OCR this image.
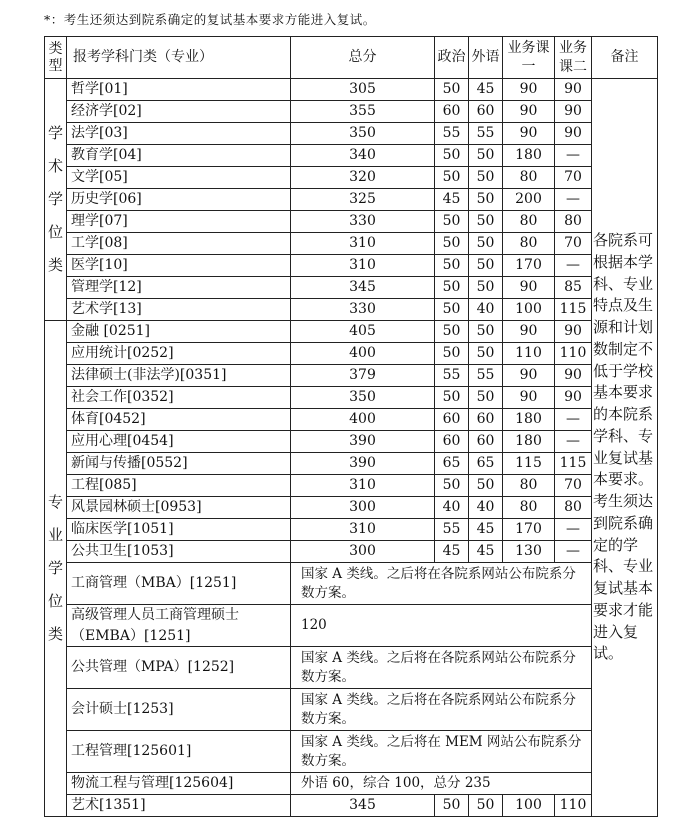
*：考生还须达到院系确定的复试基本要求方能进入复试。
类型	报考学科门类（专业）	总分	政治	外语	业务课一	业务课二	备注

学
术
学
位
类	哲学[01]	305	50	45	90	90	各院系可根据本学科、专业特点及生源和计划数制定不低于学校基本要求的本院系学科、专业复试基本要求。考生须达到院系确定的学科、专业复试基本要求才能进入复试。

	经济学[02]	355	60	60	90	90	
	法学[03]	350	55	55	90	90	
	教育学[04]	340	50	50	180	—	
	文学[05]	320	50	50	80	70	
	历史学[06]	325	45	50	200	—	
	理学[07]	330	50	50	80	80	
	工学[08]	310	50	50	80	70	
	医学[10]	310	50	50	170	—	
	管理学[12]	345	50	50	90	85	
	艺术学[13]	330	50	40	100	115	

专
业
学
位
类	金融 [0251]	405	50	50	90	90	
	应用统计[0252]	400	50	50	110	110	
	法律硕士(非法学)[0351]	379	55	55	90	90	
	社会工作[0352]	350	50	50	90	90	
	体育[0452]	400	60	60	180	—	
	应用心理[0454]	390	60	60	180	—	
	新闻与传播[0552]	390	65	65	115	115	
	工程[085]	310	50	50	80	70	
	风景园林硕士[0953]	300	40	40	80	80	
	临床医学[1051]	310	55	45	170	—	
	公共卫生[1053]	300	45	45	130	—	
	工商管理（MBA）[1251]	国家 A 类线。之后将在各院系网站公布院系分数方案。					
	高级管理人员工商管理硕士（EMBA）[1251]	120					
	公共管理（MPA）[1252]	国家 A 类线。之后将在各院系网站公布院系分数方案。					
	会计硕士[1253]	国家 A 类线。之后将在各院系网站公布院系分数方案。					
	工程管理[125601]	国家 A 类线。之后将在 MEM 网站公布院系分数方案。					
	物流工程与管理[125604]	外语 60，综合 100，总分 235					
	艺术[1351]	345	50	50	100	110	
